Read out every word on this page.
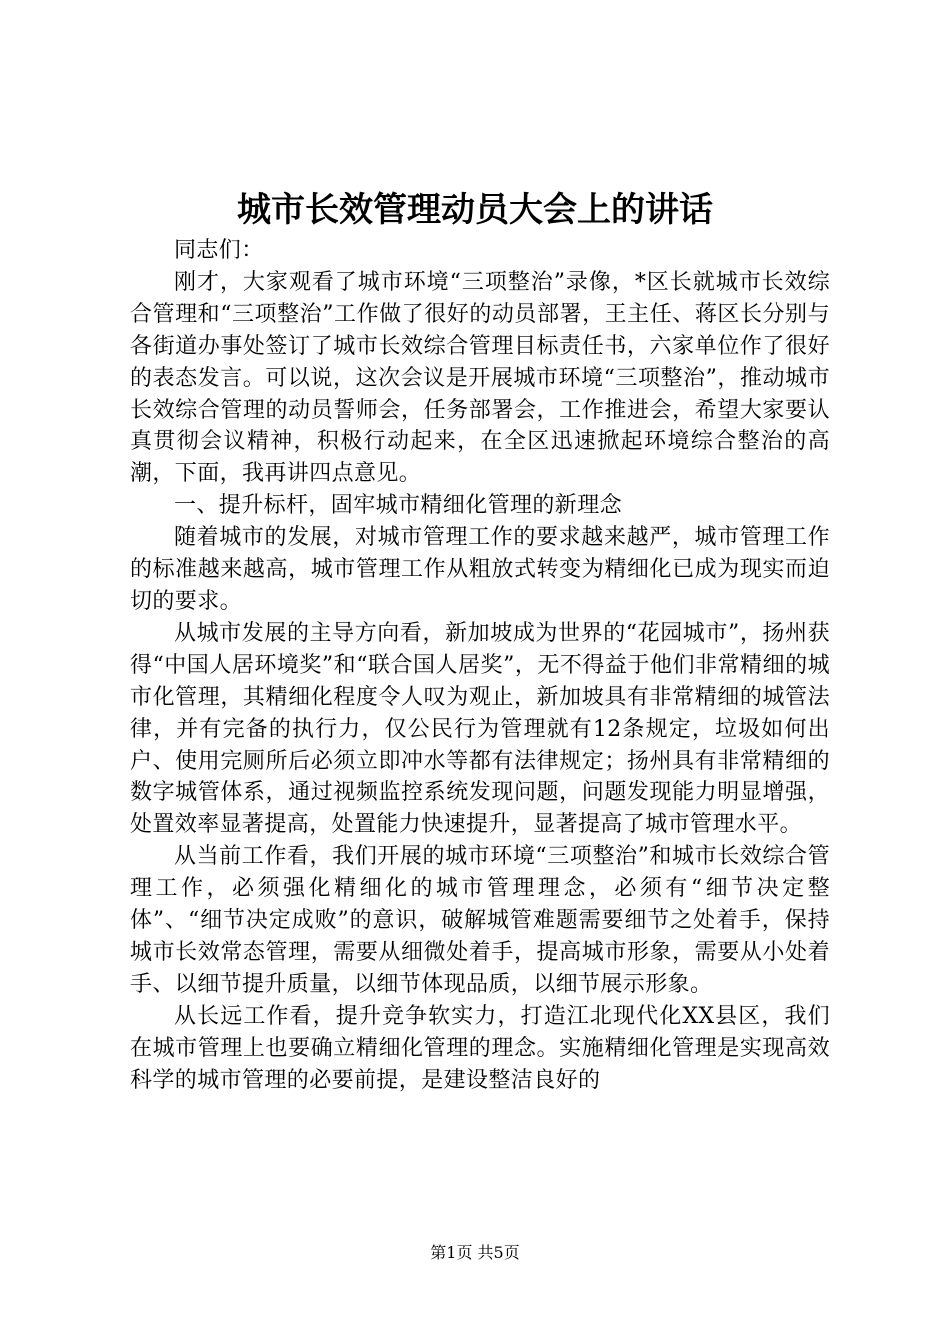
城市长效管理动员大会上的讲话

同志们：

刚才，大家观看了城市环境“三项整治”录像，*区长就城市长效综合管理和“三项整治”工作做了很好的动员部署，王主任、蒋区长分别与各街道办事处签订了城市长效综合管理目标责任书，六家单位作了很好的表态发言。可以说，这次会议是开展城市环境“三项整治”，推动城市长效综合管理的动员誓师会，任务部署会，工作推进会，希望大家要认真贯彻会议精神，积极行动起来，在全区迅速掀起环境综合整治的高潮，下面，我再讲四点意见。

一、提升标杆，固牢城市精细化管理的新理念

随着城市的发展，对城市管理工作的要求越来越严，城市管理工作的标准越来越高，城市管理工作从粗放式转变为精细化已成为现实而迫切的要求。

从城市发展的主导方向看，新加坡成为世界的“花园城市”，扬州获得“中国人居环境奖”和“联合国人居奖”，无不得益于他们非常精细的城市化管理，其精细化程度令人叹为观止，新加坡具有非常精细的城管法律，并有完备的执行力，仅公民行为管理就有12条规定，垃圾如何出户、使用完厕所后必须立即冲水等都有法律规定；扬州具有非常精细的数字城管体系，通过视频监控系统发现问题，问题发现能力明显增强，处置效率显著提高，处置能力快速提升，显著提高了城市管理水平。

从当前工作看，我们开展的城市环境“三项整治”和城市长效综合管理工作，必须强化精细化的城市管理理念，必须有“细节决定整体”、“细节决定成败”的意识，破解城管难题需要细节之处着手，保持城市长效常态管理，需要从细微处着手，提高城市形象，需要从小处着手、以细节提升质量，以细节体现品质，以细节展示形象。

从长远工作看，提升竞争软实力，打造江北现代化XX县区，我们在城市管理上也要确立精细化管理的理念。实施精细化管理是实现高效科学的城市管理的必要前提，是建设整洁良好的

第1页 共5页
